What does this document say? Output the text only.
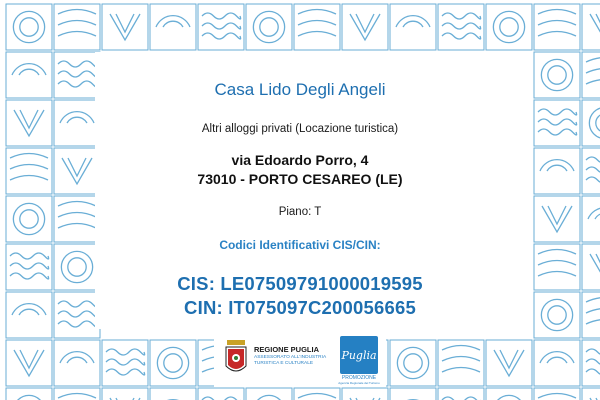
Casa Lido Degli Angeli
Altri alloggi privati (Locazione turistica)
via Edoardo Porro, 4
73010 - PORTO CESAREO (LE)
Piano: T
Codici Identificativi CIS/CIN:
CIS: LE07509791000019595
CIN: IT075097C200056665
REGIONE PUGLIA
ASSESSORATO ALL'INDUSTRIA TURISTICA E CULTURALE
Puglia
PROMOZIONE
Agenzia Regionale del Turismo
